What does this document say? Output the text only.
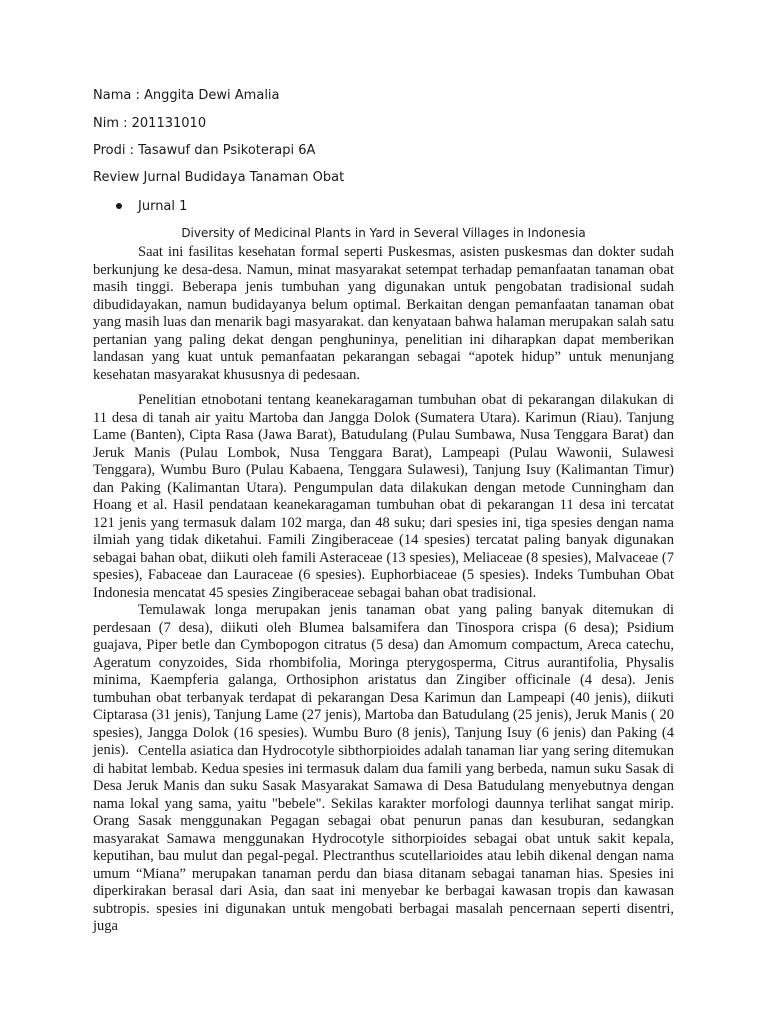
Nama : Anggita Dewi Amalia
Nim : 201131010
Prodi : Tasawuf dan Psikoterapi 6A
Review Jurnal Budidaya Tanaman Obat
Jurnal 1
Diversity of Medicinal Plants in Yard in Several Villages in Indonesia

Saat ini fasilitas kesehatan formal seperti Puskesmas, asisten puskesmas dan dokter sudah berkunjung ke desa-desa. Namun, minat masyarakat setempat terhadap pemanfaatan tanaman obat masih tinggi. Beberapa jenis tumbuhan yang digunakan untuk pengobatan tradisional sudah dibudidayakan, namun budidayanya belum optimal. Berkaitan dengan pemanfaatan tanaman obat yang masih luas dan menarik bagi masyarakat. dan kenyataan bahwa halaman merupakan salah satu pertanian yang paling dekat dengan penghuninya, penelitian ini diharapkan dapat memberikan landasan yang kuat untuk pemanfaatan pekarangan sebagai “apotek hidup” untuk menunjang kesehatan masyarakat khususnya di pedesaan.

Penelitian etnobotani tentang keanekaragaman tumbuhan obat di pekarangan dilakukan di 11 desa di tanah air yaitu Martoba dan Jangga Dolok (Sumatera Utara). Karimun (Riau). Tanjung Lame (Banten), Cipta Rasa (Jawa Barat), Batudulang (Pulau Sumbawa, Nusa Tenggara Barat) dan Jeruk Manis (Pulau Lombok, Nusa Tenggara Barat), Lampeapi (Pulau Wawonii, Sulawesi Tenggara), Wumbu Buro (Pulau Kabaena, Tenggara Sulawesi), Tanjung Isuy (Kalimantan Timur) dan Paking (Kalimantan Utara). Pengumpulan data dilakukan dengan metode Cunningham dan Hoang et al. Hasil pendataan keanekaragaman tumbuhan obat di pekarangan 11 desa ini tercatat 121 jenis yang termasuk dalam 102 marga, dan 48 suku; dari spesies ini, tiga spesies dengan nama ilmiah yang tidak diketahui. Famili Zingiberaceae (14 spesies) tercatat paling banyak digunakan sebagai bahan obat, diikuti oleh famili Asteraceae (13 spesies), Meliaceae (8 spesies), Malvaceae (7 spesies), Fabaceae dan Lauraceae (6 spesies). Euphorbiaceae (5 spesies). Indeks Tumbuhan Obat Indonesia mencatat 45 spesies Zingiberaceae sebagai bahan obat tradisional.

Temulawak longa merupakan jenis tanaman obat yang paling banyak ditemukan di perdesaan (7 desa), diikuti oleh Blumea balsamifera dan Tinospora crispa (6 desa); Psidium guajava, Piper betle dan Cymbopogon citratus (5 desa) dan Amomum compactum, Areca catechu, Ageratum conyzoides, Sida rhombifolia, Moringa pterygosperma, Citrus aurantifolia, Physalis minima, Kaempferia galanga, Orthosiphon aristatus dan Zingiber officinale (4 desa). Jenis tumbuhan obat terbanyak terdapat di pekarangan Desa Karimun dan Lampeapi (40 jenis), diikuti Ciptarasa (31 jenis), Tanjung Lame (27 jenis), Martoba dan Batudulang (25 jenis), Jeruk Manis ( 20 spesies), Jangga Dolok (16 spesies). Wumbu Buro (8 jenis), Tanjung Isuy (6 jenis) dan Paking (4 jenis). Centella asiatica dan Hydrocotyle sibthorpioides adalah tanaman liar yang sering ditemukan di habitat lembab. Kedua spesies ini termasuk dalam dua famili yang berbeda, namun suku Sasak di Desa Jeruk Manis dan suku Sasak Masyarakat Samawa di Desa Batudulang menyebutnya dengan nama lokal yang sama, yaitu "bebele". Sekilas karakter morfologi daunnya terlihat sangat mirip. Orang Sasak menggunakan Pegagan sebagai obat penurun panas dan kesuburan, sedangkan masyarakat Samawa menggunakan Hydrocotyle sithorpioides sebagai obat untuk sakit kepala, keputihan, bau mulut dan pegal-pegal. Plectranthus scutellarioides atau lebih dikenal dengan nama umum “Miana” merupakan tanaman perdu dan biasa ditanam sebagai tanaman hias. Spesies ini diperkirakan berasal dari Asia, dan saat ini menyebar ke berbagai kawasan tropis dan kawasan subtropis. spesies ini digunakan untuk mengobati berbagai masalah pencernaan seperti disentri, juga
